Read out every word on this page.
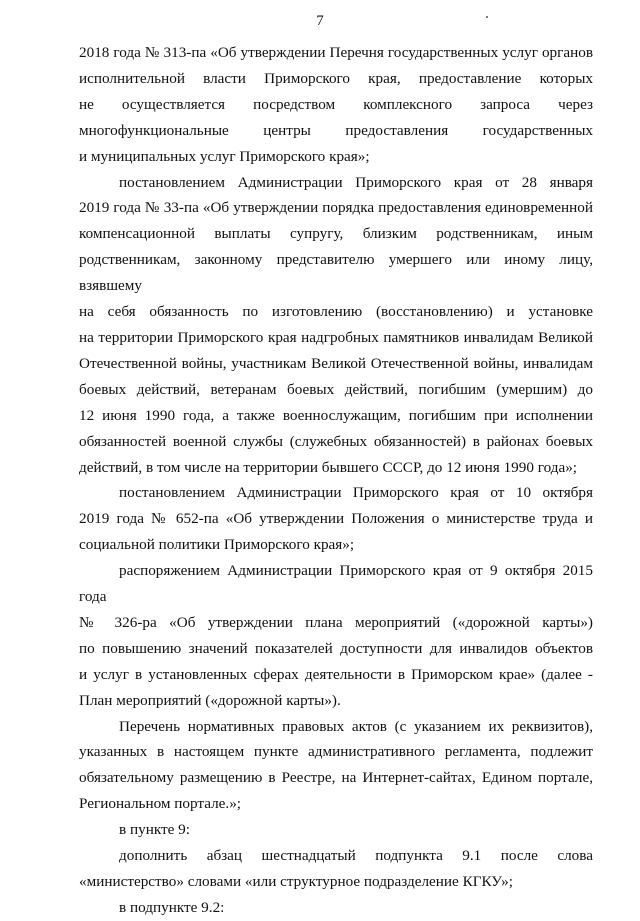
7
2018 года № 313-па «Об утверждении Перечня государственных услуг органов
исполнительной власти Приморского края, предоставление которых
не осуществляется посредством комплексного запроса через
многофункциональные центры предоставления государственных
и муниципальных услуг Приморского края»;
постановлением Администрации Приморского края от 28 января
2019 года № 33-па «Об утверждении порядка предоставления единовременной
компенсационной выплаты супругу, близким родственникам, иным
родственникам, законному представителю умершего или иному лицу, взявшему
на себя обязанность по изготовлению (восстановлению) и установке
на территории Приморского края надгробных памятников инвалидам Великой
Отечественной войны, участникам Великой Отечественной войны, инвалидам
боевых действий, ветеранам боевых действий, погибшим (умершим) до
12 июня 1990 года, а также военнослужащим, погибшим при исполнении
обязанностей военной службы (служебных обязанностей) в районах боевых
действий, в том числе на территории бывшего СССР, до 12 июня 1990 года»;
постановлением Администрации Приморского края от 10 октября
2019 года № 652-па «Об утверждении Положения о министерстве труда и
социальной политики Приморского края»;
распоряжением Администрации Приморского края от 9 октября 2015 года
№ 326-ра «Об утверждении плана мероприятий («дорожной карты»)
по повышению значений показателей доступности для инвалидов объектов
и услуг в установленных сферах деятельности в Приморском крае» (далее -
План мероприятий («дорожной карты»).
Перечень нормативных правовых актов (с указанием их реквизитов),
указанных в настоящем пункте административного регламента, подлежит
обязательному размещению в Реестре, на Интернет-сайтах, Едином портале,
Региональном портале.»;
в пункте 9:
дополнить абзац шестнадцатый подпункта 9.1 после слова
«министерство» словами «или структурное подразделение КГКУ»;
в подпункте 9.2:
